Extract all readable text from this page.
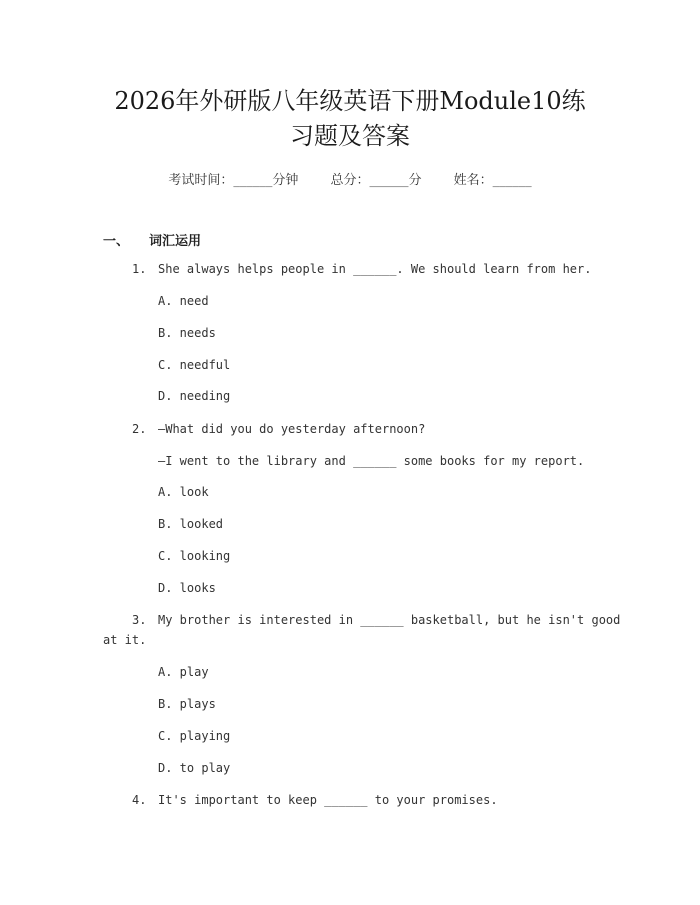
2026年外研版八年级英语下册Module10练
习题及答案
考试时间：______分钟 总分：______分 姓名：______
一、 词汇运用
1. She always helps people in ______. We should learn from her.
A. need
B. needs
C. needful
D. needing
2. —What did you do yesterday afternoon?
—I went to the library and ______ some books for my report.
A. look
B. looked
C. looking
D. looks
3. My brother is interested in ______ basketball, but he isn't good
at it.
A. play
B. plays
C. playing
D. to play
4. It's important to keep ______ to your promises.
